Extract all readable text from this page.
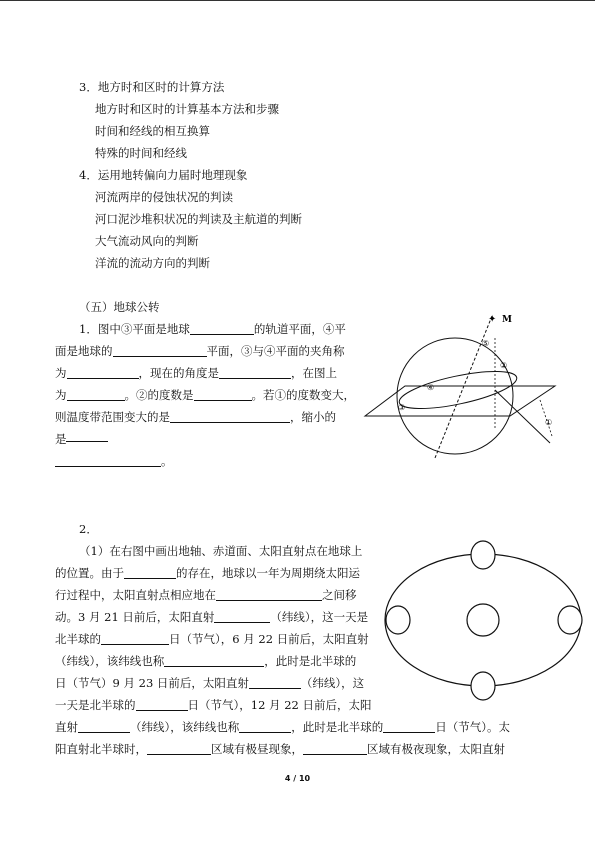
3．地方时和区时的计算方法
地方时和区时的计算基本方法和步骤
时间和经线的相互换算
特殊的时间和经线
4．运用地转偏向力届时地理现象
河流两岸的侵蚀状况的判读
河口泥沙堆积状况的判读及主航道的判断
大气流动风向的判断
洋流的流动方向的判断
（五）地球公转
1．图中③平面是地球	的轨道平面，④平
面是地球的	平面，③与④平面的夹角称
为	，现在的角度是	，在图上
为	。②的度数是	。若①的度数变大，
则温度带范围变大的是	，缩小的
是
。
✦ M
⑤
②
④
③
①
2．
（1）在右图中画出地轴、赤道面、太阳直射点在地球上
的位置。由于	的存在，地球以一年为周期绕太阳运
行过程中，太阳直射点相应地在	之间移
动。3 月 21 日前后，太阳直射	（纬线），这一天是
北半球的	日（节气），6 月 22 日前后，太阳直射
（纬线），该纬线也称	，此时是北半球的
日（节气）9 月 23 日前后，太阳直射	（纬线），这
一天是北半球的	日（节气），12 月 22 日前后，太阳
直射	（纬线），该纬线也称	，此时是北半球的	日（节气）。太
阳直射北半球时，	区域有极昼现象，	区域有极夜现象，太阳直射
4 / 10
